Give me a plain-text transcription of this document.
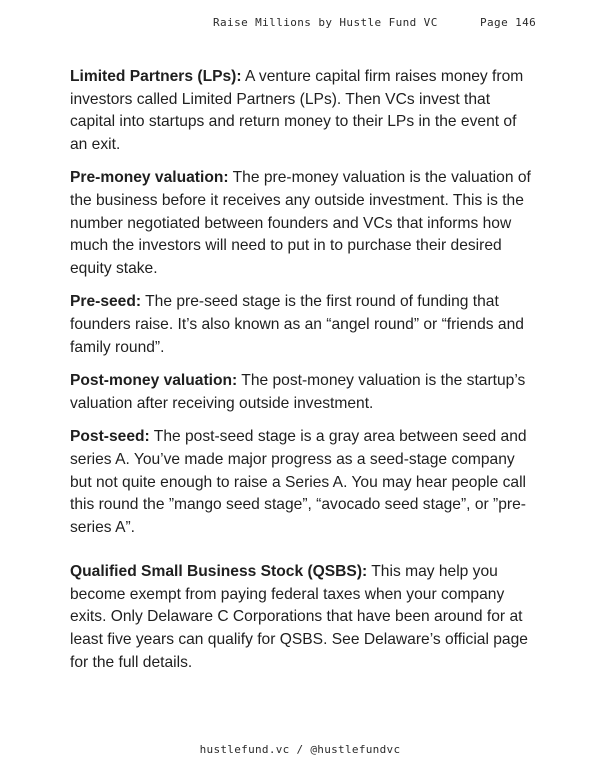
Raise Millions by Hustle Fund VC	Page 146

Limited Partners (LPs): A venture capital firm raises money from investors called Limited Partners (LPs). Then VCs invest that capital into startups and return money to their LPs in the event of an exit.

Pre-money valuation: The pre-money valuation is the valuation of the business before it receives any outside investment. This is the number negotiated between founders and VCs that informs how much the investors will need to put in to purchase their desired equity stake.

Pre-seed: The pre-seed stage is the first round of funding that founders raise. It’s also known as an “angel round” or “friends and family round”.

Post-money valuation: The post-money valuation is the startup’s valuation after receiving outside investment.

Post-seed: The post-seed stage is a gray area between seed and series A. You’ve made major progress as a seed-stage company but not quite enough to raise a Series A. You may hear people call this round the ”mango seed stage”, “avocado seed stage”, or ”pre-series A”.

Qualified Small Business Stock (QSBS): This may help you become exempt from paying federal taxes when your company exits. Only Delaware C Corporations that have been around for at least five years can qualify for QSBS. See Delaware’s official page for the full details.

hustlefund.vc / @hustlefundvc
